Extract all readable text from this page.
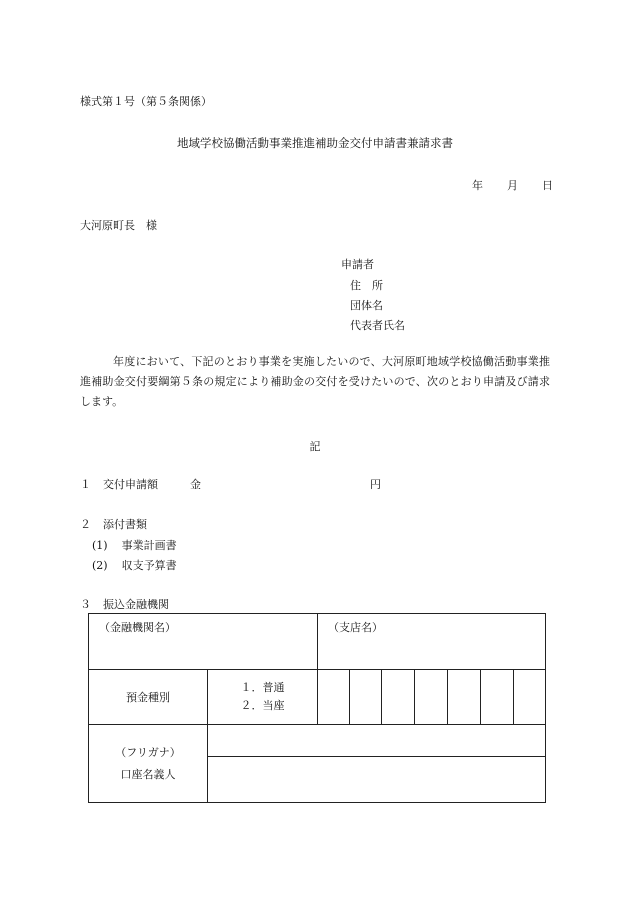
様式第１号（第５条関係）
地域学校協働活動事業推進補助金交付申請書兼請求書
年 月 日
大河原町長　様
申請者
住　所
団体名
代表者氏名
年度において、下記のとおり事業を実施したいので、大河原町地域学校協働活動事業推進補助金交付要綱第５条の規定により補助金の交付を受けたいので、次のとおり申請及び請求します。
記
１ 交付申請額	金	円
２ 添付書類
(1) 事業計画書
(2) 収支予算書
３ 振込金融機関
（金融機関名）		（支店名）						
預金種別	１．普通
２．当座							

（フリガナ）
口座名義人								
